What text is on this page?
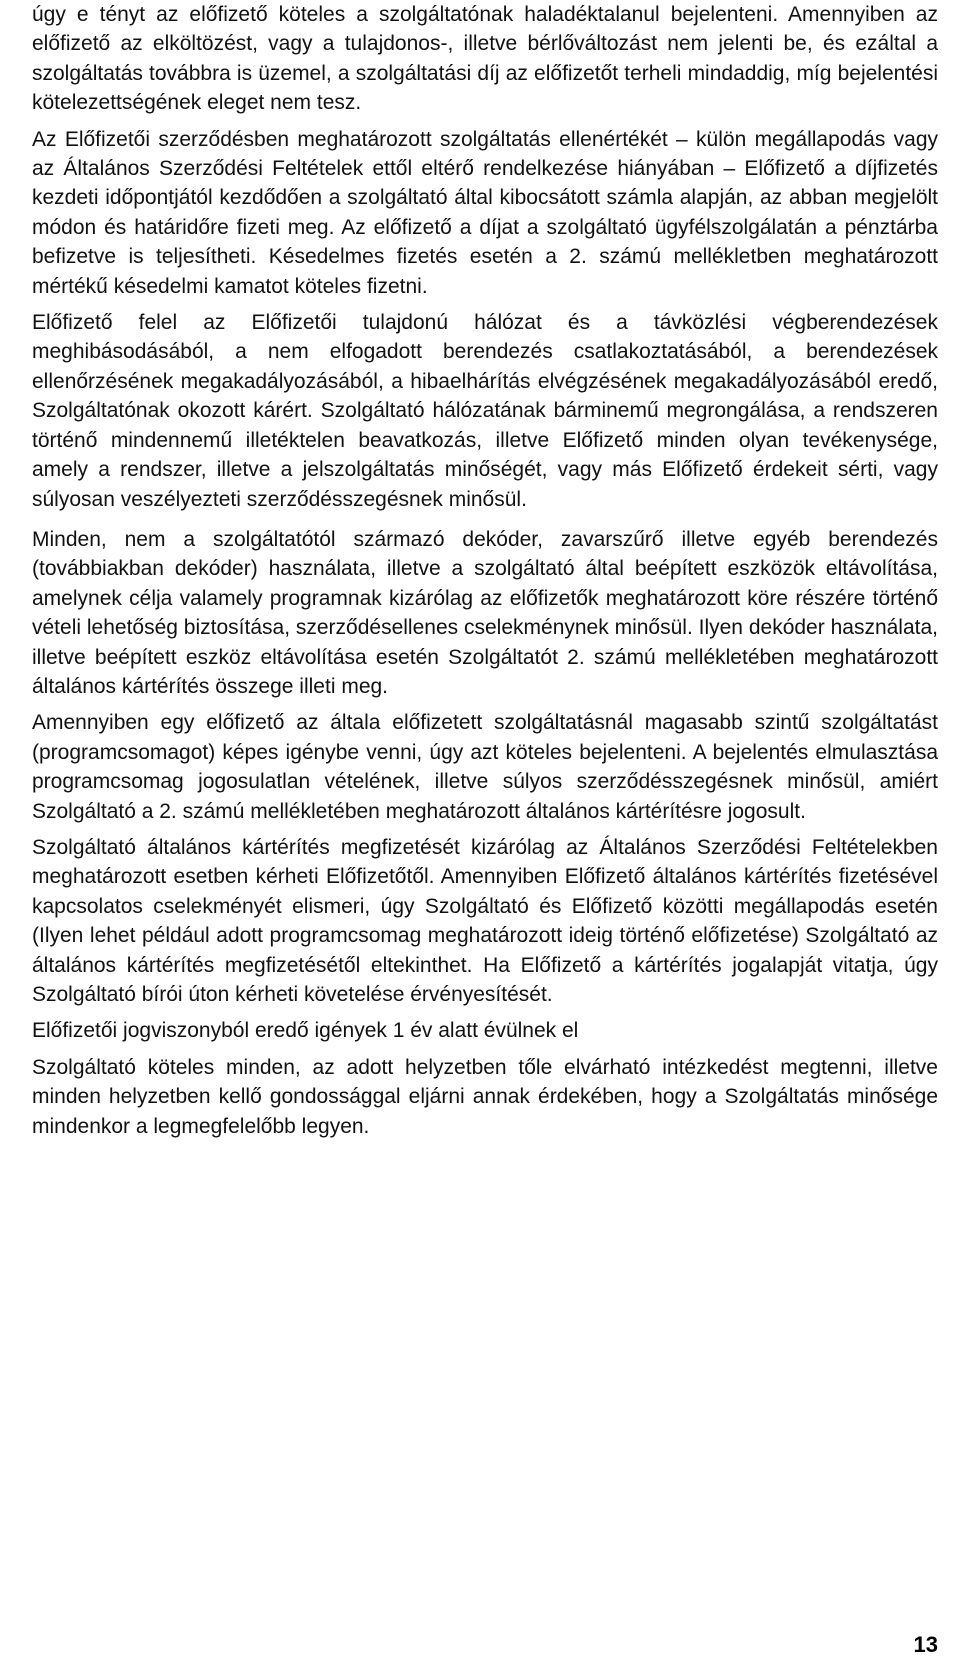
úgy e tényt az előfizető köteles a szolgáltatónak haladéktalanul bejelenteni. Amennyiben az előfizető az elköltözést, vagy a tulajdonos-, illetve bérlőváltozást nem jelenti be, és ezáltal a szolgáltatás továbbra is üzemel, a szolgáltatási díj az előfizetőt terheli mindaddig, míg bejelentési kötelezettségének eleget nem tesz.

Az Előfizetői szerződésben meghatározott szolgáltatás ellenértékét – külön megállapodás vagy az Általános Szerződési Feltételek ettől eltérő rendelkezése hiányában – Előfizető a díjfizetés kezdeti időpontjától kezdődően a szolgáltató által kibocsátott számla alapján, az abban megjelölt módon és határidőre fizeti meg. Az előfizető a díjat a szolgáltató ügyfélszolgálatán a pénztárba befizetve is teljesítheti. Késedelmes fizetés esetén a 2. számú mellékletben meghatározott mértékű késedelmi kamatot köteles fizetni.

Előfizető felel az Előfizetői tulajdonú hálózat és a távközlési végberendezések meghibásodásából, a nem elfogadott berendezés csatlakoztatásából, a berendezések ellenőrzésének megakadályozásából, a hibaelhárítás elvégzésének megakadályozásából eredő, Szolgáltatónak okozott kárért. Szolgáltató hálózatának bárminemű megrongálása, a rendszeren történő mindennemű illetéktelen beavatkozás, illetve Előfizető minden olyan tevékenysége, amely a rendszer, illetve a jelszolgáltatás minőségét, vagy más Előfizető érdekeit sérti, vagy súlyosan veszélyezteti szerződésszegésnek minősül.

Minden, nem a szolgáltatótól származó dekóder, zavarszűrő illetve egyéb berendezés (továbbiakban dekóder) használata, illetve a szolgáltató által beépített eszközök eltávolítása, amelynek célja valamely programnak kizárólag az előfizetők meghatározott köre részére történő vételi lehetőség biztosítása, szerződésellenes cselekménynek minősül. Ilyen dekóder használata, illetve beépített eszköz eltávolítása esetén Szolgáltatót 2. számú mellékletében meghatározott általános kártérítés összege illeti meg.

Amennyiben egy előfizető az általa előfizetett szolgáltatásnál magasabb szintű szolgáltatást (programcsomagot) képes igénybe venni, úgy azt köteles bejelenteni. A bejelentés elmulasztása programcsomag jogosulatlan vételének, illetve súlyos szerződésszegésnek minősül, amiért Szolgáltató a 2. számú mellékletében meghatározott általános kártérítésre jogosult.

Szolgáltató általános kártérítés megfizetését kizárólag az Általános Szerződési Feltételekben meghatározott esetben kérheti Előfizetőtől. Amennyiben Előfizető általános kártérítés fizetésével kapcsolatos cselekményét elismeri, úgy Szolgáltató és Előfizető közötti megállapodás esetén (Ilyen lehet például adott programcsomag meghatározott ideig történő előfizetése) Szolgáltató az általános kártérítés megfizetésétől eltekinthet. Ha Előfizető a kártérítés jogalapját vitatja, úgy Szolgáltató bírói úton kérheti követelése érvényesítését.

Előfizetői jogviszonyból eredő igények 1 év alatt évülnek el

Szolgáltató köteles minden, az adott helyzetben tőle elvárható intézkedést megtenni, illetve minden helyzetben kellő gondossággal eljárni annak érdekében, hogy a Szolgáltatás minősége mindenkor a legmegfelelőbb legyen.

13
